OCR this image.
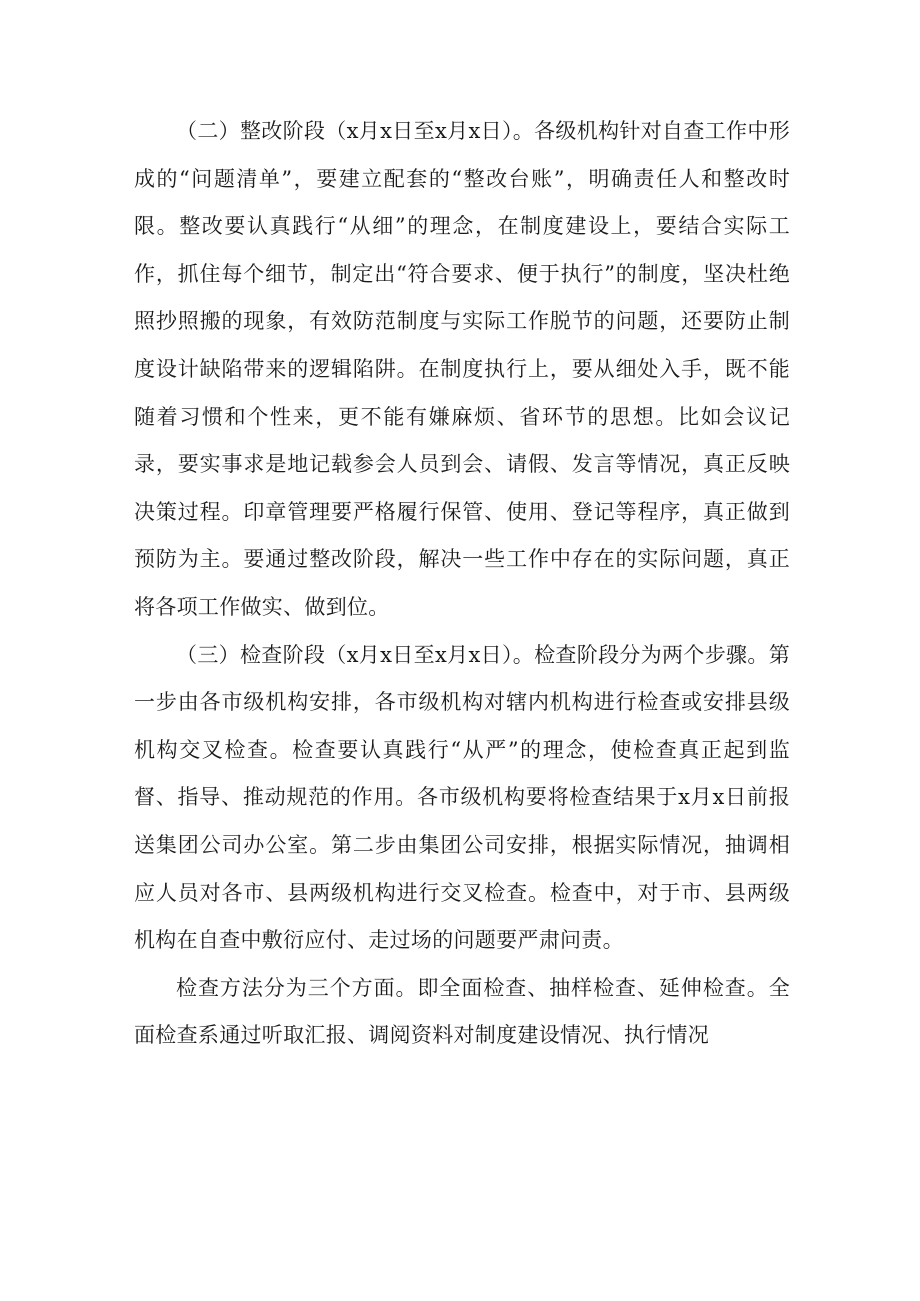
（二）整改阶段（x月x日至x月x日）。各级机构针对自查工作中形成的“问题清单”，要建立配套的“整改台账”，明确责任人和整改时限。整改要认真践行“从细”的理念，在制度建设上，要结合实际工作，抓住每个细节，制定出“符合要求、便于执行”的制度，坚决杜绝照抄照搬的现象，有效防范制度与实际工作脱节的问题，还要防止制度设计缺陷带来的逻辑陷阱。在制度执行上，要从细处入手，既不能随着习惯和个性来，更不能有嫌麻烦、省环节的思想。比如会议记录，要实事求是地记载参会人员到会、请假、发言等情况，真正反映决策过程。印章管理要严格履行保管、使用、登记等程序，真正做到预防为主。要通过整改阶段，解决一些工作中存在的实际问题，真正将各项工作做实、做到位。

（三）检查阶段（x月x日至x月x日）。检查阶段分为两个步骤。第一步由各市级机构安排，各市级机构对辖内机构进行检查或安排县级机构交叉检查。检查要认真践行“从严”的理念，使检查真正起到监督、指导、推动规范的作用。各市级机构要将检查结果于x月x日前报送集团公司办公室。第二步由集团公司安排，根据实际情况，抽调相应人员对各市、县两级机构进行交叉检查。检查中，对于市、县两级机构在自查中敷衍应付、走过场的问题要严肃问责。

检查方法分为三个方面。即全面检查、抽样检查、延伸检查。全面检查系通过听取汇报、调阅资料对制度建设情况、执行情况
